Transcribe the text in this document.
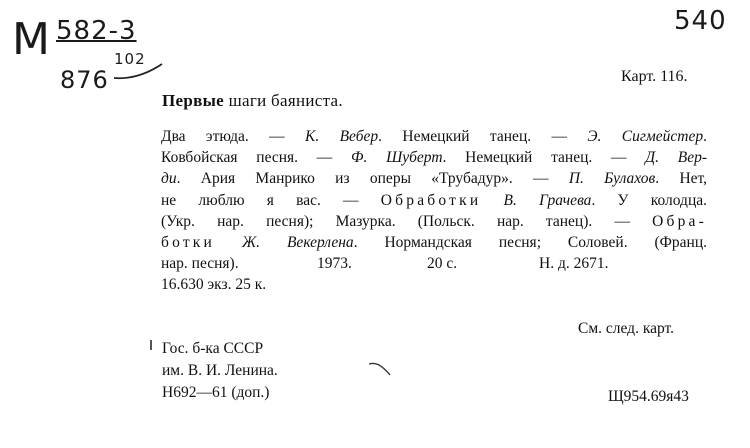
М 582-3
876
102
540
Карт. 116.
Первые шаги баяниста.
Два этюда. — К. Вебер. Немецкий танец. — Э. Сигмейстер.
Ковбойская песня. — Ф. Шуберт. Немецкий танец. — Д. Вер-
ди. Ария Манрико из оперы «Трубадур». — П. Булахов. Нет,
не люблю я вас. — Обработки В. Грачева. У колодца.
(Укр. нар. песня); Мазурка. (Польск. нар. танец). — Обра-
ботки Ж. Векерлена. Нормандская песня; Соловей. (Франц.
нар. песня).	1973.	20 с.	Н. д. 2671.
16.630 экз. 25 к.
См. след. карт.
Гос. б-ка СССР
им. В. И. Ленина.
Н692—61 (доп.)	Щ954.69я43
